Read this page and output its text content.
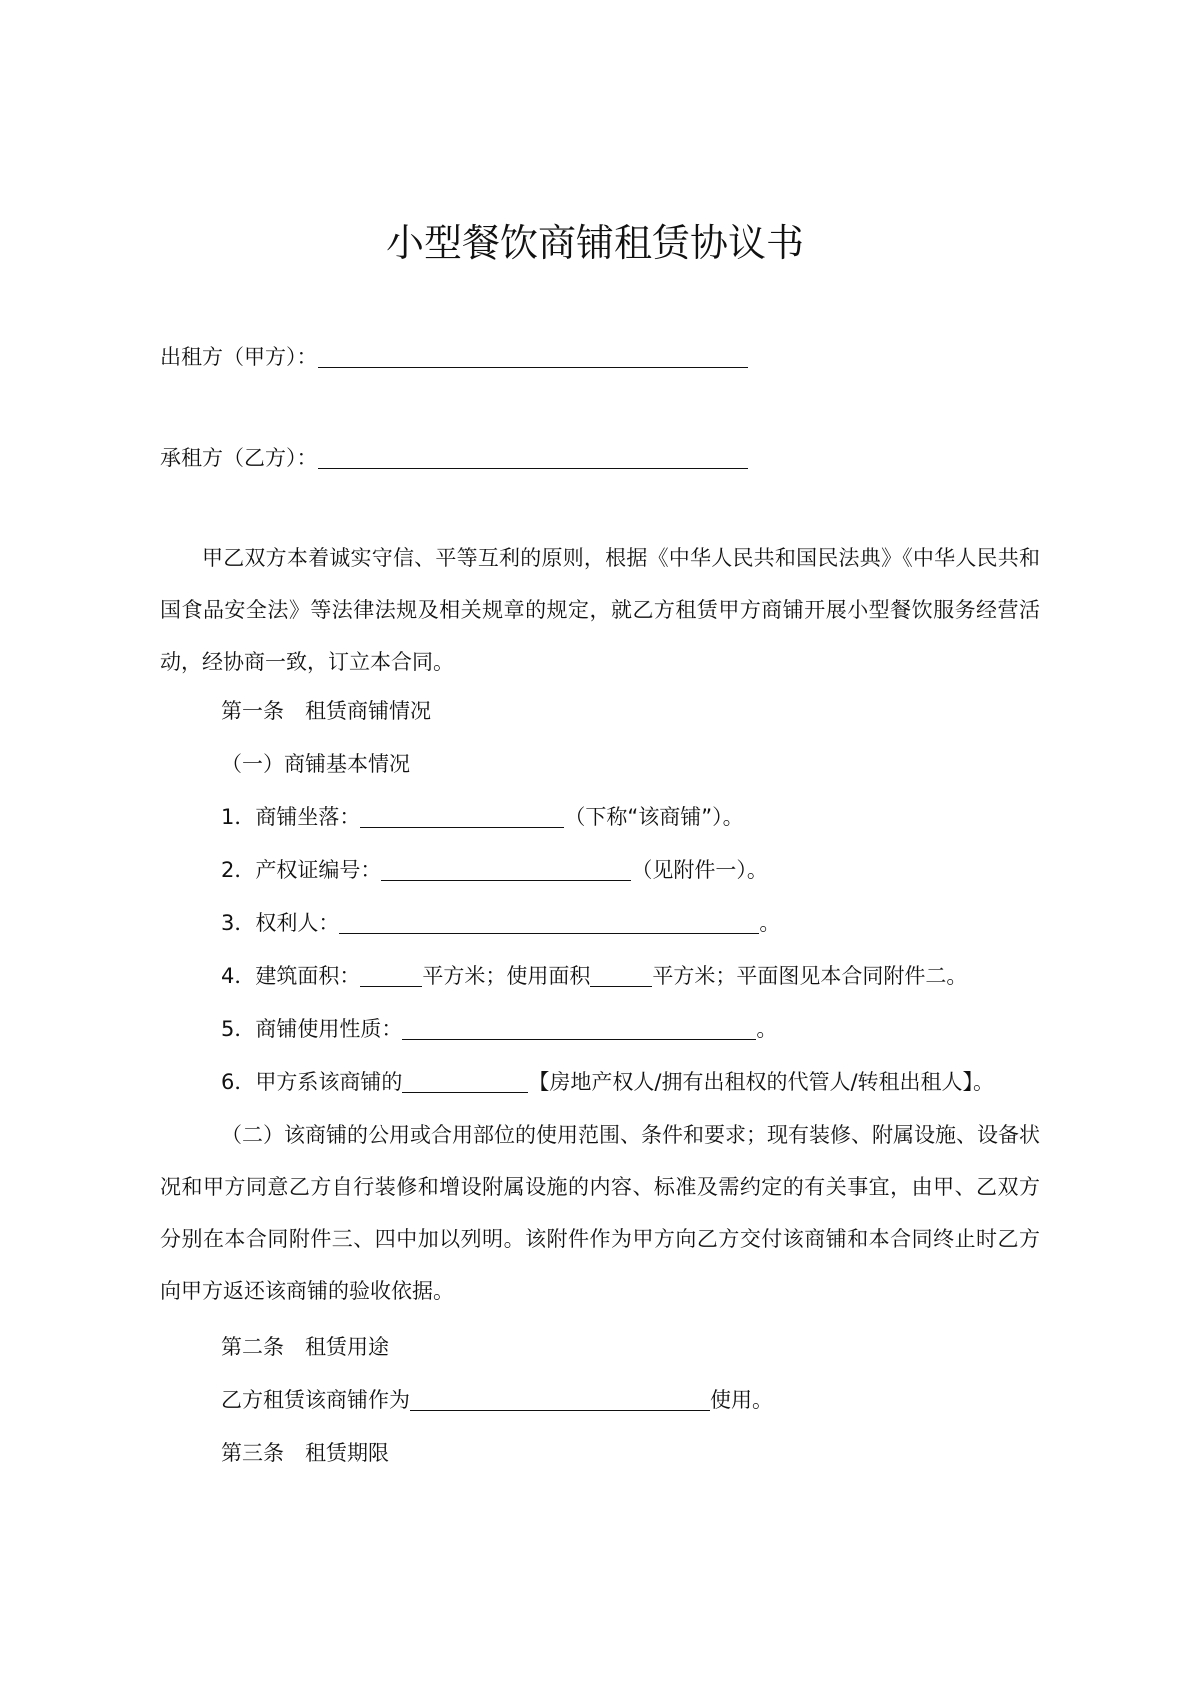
小型餐饮商铺租赁协议书
出租方（甲方）：
承租方（乙方）：
甲乙双方本着诚实守信、平等互利的原则，根据《中华人民共和国民法典》《中华人民共和国食品安全法》等法律法规及相关规章的规定，就乙方租赁甲方商铺开展小型餐饮服务经营活动，经协商一致，订立本合同。
第一条　租赁商铺情况
（一）商铺基本情况
1．商铺坐落：	（下称“该商铺”）。
2．产权证编号：	（见附件一）。
3．权利人：	。
4．建筑面积：	平方米；使用面积	平方米；平面图见本合同附件二。
5．商铺使用性质：	。
6．甲方系该商铺的	【房地产权人/拥有出租权的代管人/转租出租人】。
（二）该商铺的公用或合用部位的使用范围、条件和要求；现有装修、附属设施、设备状况和甲方同意乙方自行装修和增设附属设施的内容、标准及需约定的有关事宜，由甲、乙双方分别在本合同附件三、四中加以列明。该附件作为甲方向乙方交付该商铺和本合同终止时乙方向甲方返还该商铺的验收依据。
第二条　租赁用途
乙方租赁该商铺作为	使用。
第三条　租赁期限
